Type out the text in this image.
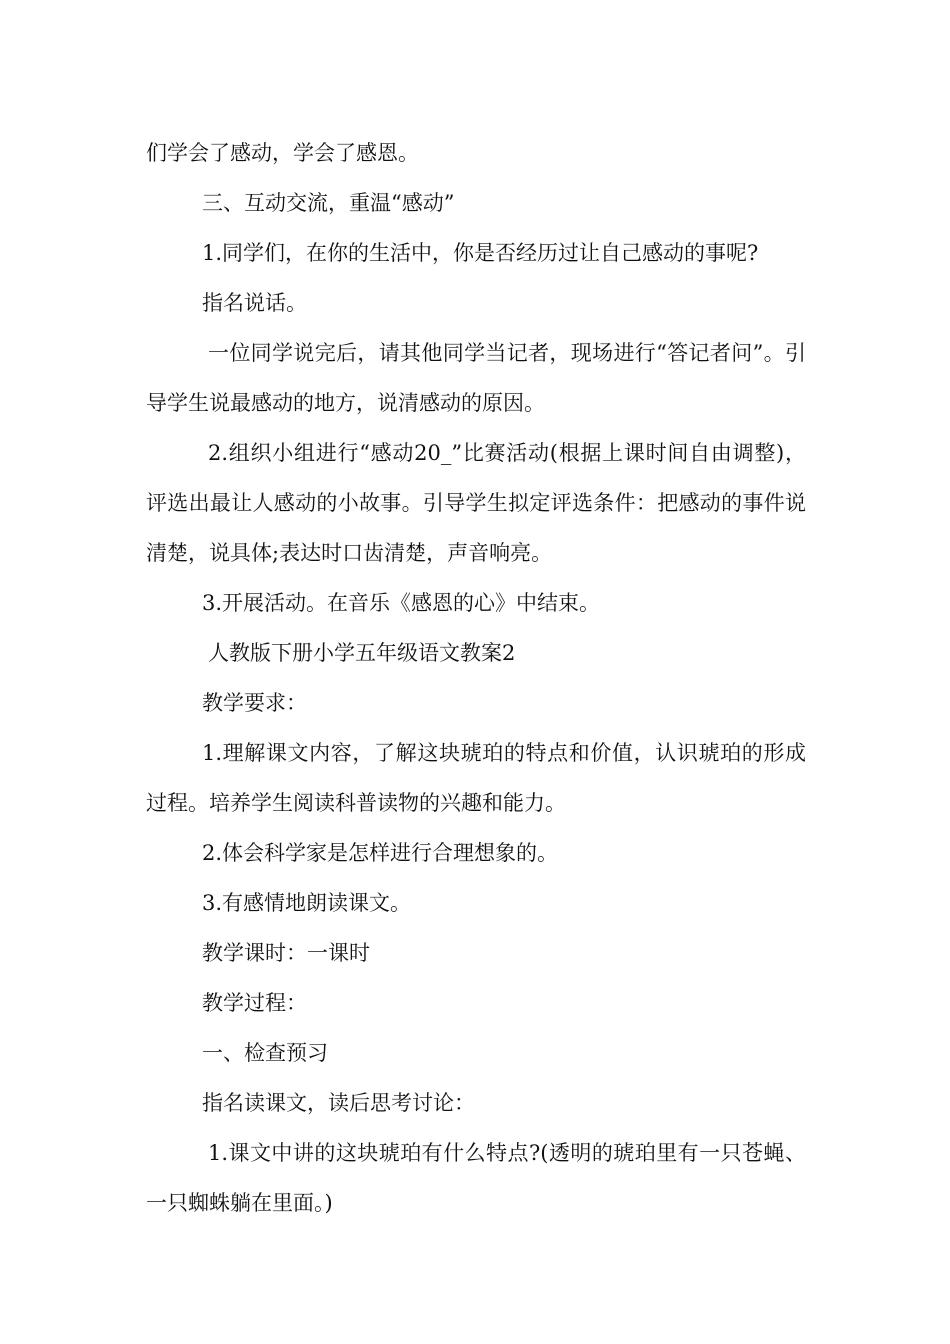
们学会了感动，学会了感恩。

三、互动交流，重温“感动”

1.同学们，在你的生活中，你是否经历过让自己感动的事呢?

指名说话。

一位同学说完后，请其他同学当记者，现场进行“答记者问”。引导学生说最感动的地方，说清感动的原因。

2.组织小组进行“感动20_”比赛活动(根据上课时间自由调整)，评选出最让人感动的小故事。引导学生拟定评选条件：把感动的事件说清楚，说具体;表达时口齿清楚，声音响亮。

3.开展活动。在音乐《感恩的心》中结束。

人教版下册小学五年级语文教案2

教学要求：

1.理解课文内容，了解这块琥珀的特点和价值，认识琥珀的形成过程。培养学生阅读科普读物的兴趣和能力。

2.体会科学家是怎样进行合理想象的。

3.有感情地朗读课文。

教学课时：一课时

教学过程：

一、检查预习

指名读课文，读后思考讨论：

1.课文中讲的这块琥珀有什么特点?(透明的琥珀里有一只苍蝇、一只蜘蛛躺在里面。)
